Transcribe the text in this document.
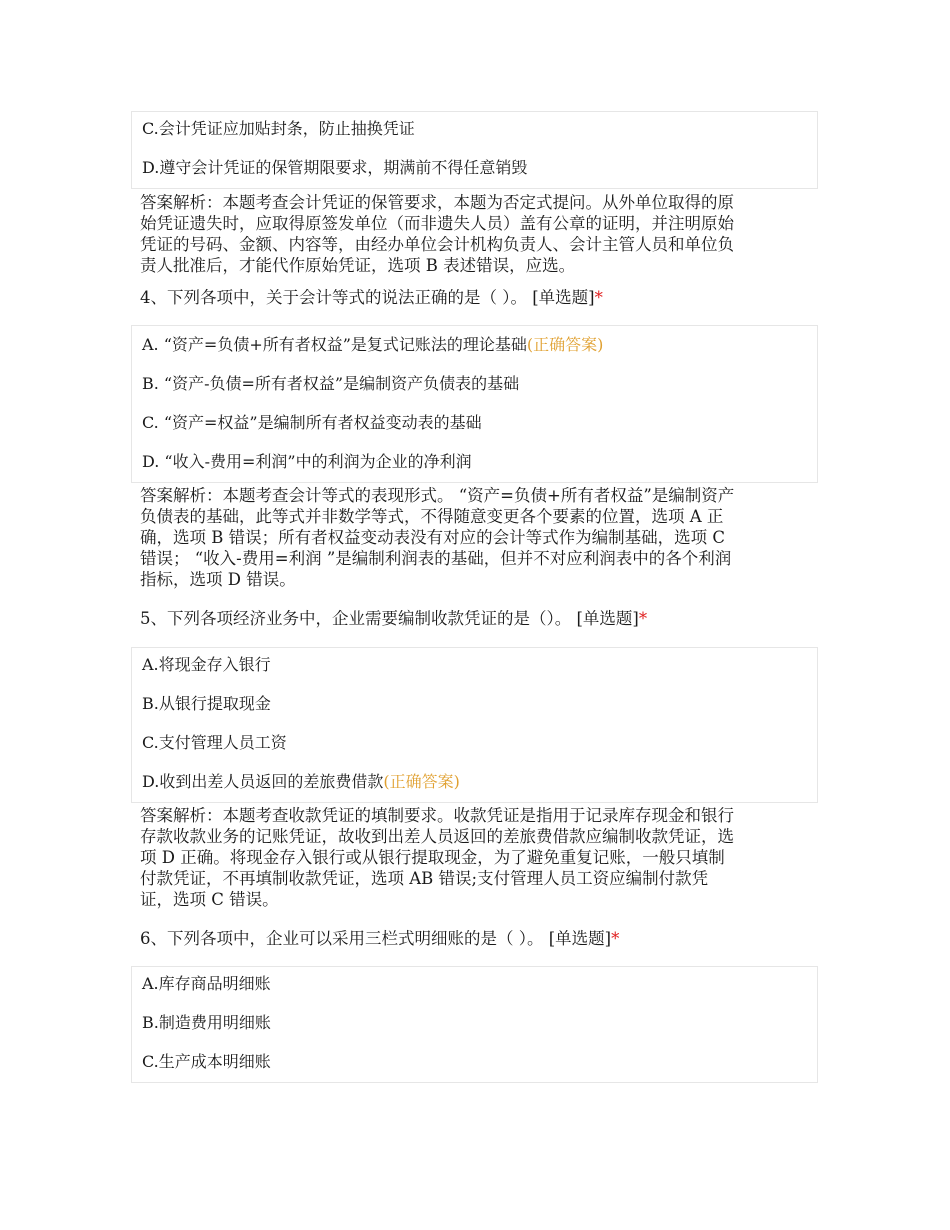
C.会计凭证应加贴封条，防止抽换凭证
D.遵守会计凭证的保管期限要求，期满前不得任意销毁
答案解析：本题考查会计凭证的保管要求，本题为否定式提问。从外单位取得的原
始凭证遗失时，应取得原签发单位（而非遗失人员）盖有公章的证明，并注明原始
凭证的号码、金额、内容等，由经办单位会计机构负责人、会计主管人员和单位负
责人批准后，才能代作原始凭证，选项 B 表述错误，应选。
4、下列各项中，关于会计等式的说法正确的是（ ）。 [单选题]*
A. “资产=负债+所有者权益”是复式记账法的理论基础(正确答案)
B. “资产-负债=所有者权益”是编制资产负债表的基础
C. “资产=权益”是编制所有者权益变动表的基础
D. “收入-费用=利润”中的利润为企业的净利润
答案解析：本题考查会计等式的表现形式。 “资产=负债+所有者权益”是编制资产
负债表的基础，此等式并非数学等式，不得随意变更各个要素的位置，选项 A 正
确，选项 B 错误；所有者权益变动表没有对应的会计等式作为编制基础，选项 C
错误； “收入-费用=利润 ”是编制利润表的基础，但并不对应利润表中的各个利润
指标，选项 D 错误。
5、下列各项经济业务中，企业需要编制收款凭证的是（）。 [单选题]*
A.将现金存入银行
B.从银行提取现金
C.支付管理人员工资
D.收到出差人员返回的差旅费借款(正确答案)
答案解析：本题考查收款凭证的填制要求。收款凭证是指用于记录库存现金和银行
存款收款业务的记账凭证，故收到出差人员返回的差旅费借款应编制收款凭证，选
项 D 正确。将现金存入银行或从银行提取现金，为了避免重复记账，一般只填制
付款凭证，不再填制收款凭证，选项 AB 错误;支付管理人员工资应编制付款凭
证，选项 C 错误。
6、下列各项中，企业可以采用三栏式明细账的是（ ）。 [单选题]*
A.库存商品明细账
B.制造费用明细账
C.生产成本明细账
